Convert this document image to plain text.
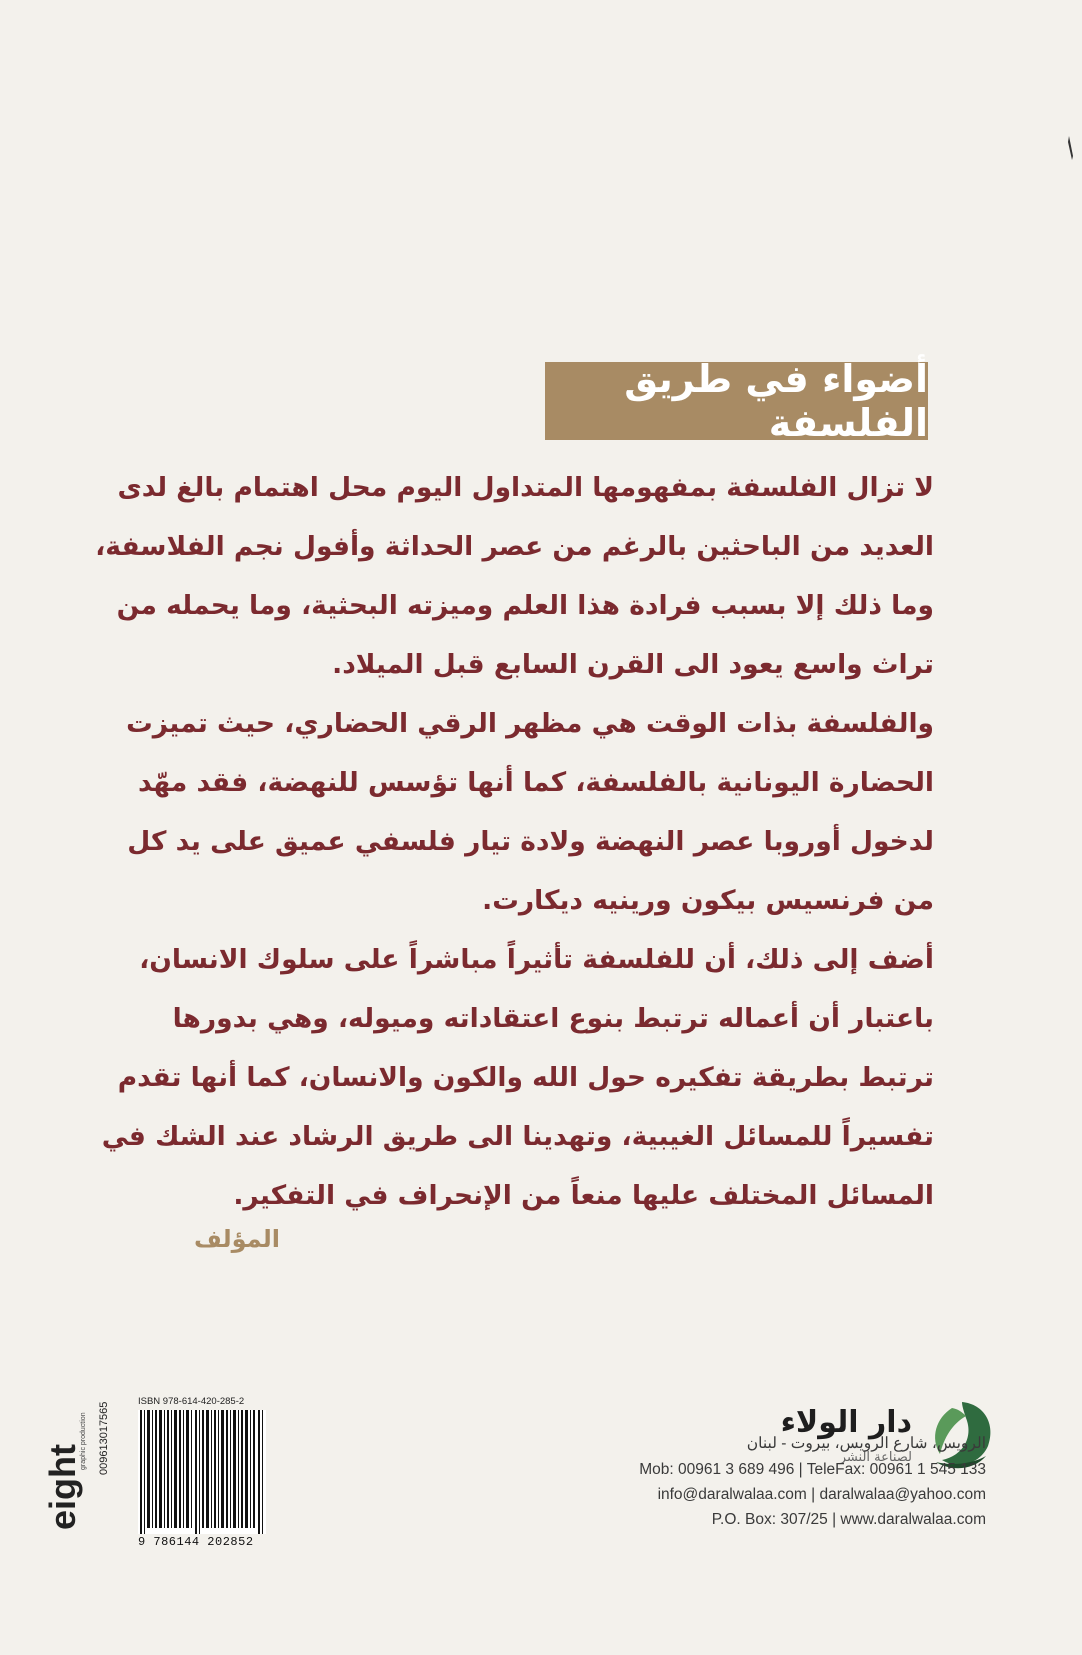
أضواء في طريق الفلسفة
لا تزال الفلسفة بمفهومها المتداول اليوم محل اهتمام بالغ لدى
العديد من الباحثين بالرغم من عصر الحداثة وأفول نجم الفلاسفة،
وما ذلك إلا بسبب فرادة هذا العلم وميزته البحثية، وما يحمله من
تراث واسع يعود الى القرن السابع قبل الميلاد.
والفلسفة بذات الوقت هي مظهر الرقي الحضاري، حيث تميزت
الحضارة اليونانية بالفلسفة، كما أنها تؤسس للنهضة، فقد مهّد
لدخول أوروبا عصر النهضة ولادة تيار فلسفي عميق على يد كل
من فرنسيس بيكون ورينيه ديكارت.
أضف إلى ذلك، أن للفلسفة تأثيراً مباشراً على سلوك الانسان،
باعتبار أن أعماله ترتبط بنوع اعتقاداته وميوله، وهي بدورها
ترتبط بطريقة تفكيره حول الله والكون والانسان، كما أنها تقدم
تفسيراً للمسائل الغيبية، وتهدينا الى طريق الرشاد عند الشك في
المسائل المختلف عليها منعاً من الإنحراف في التفكير.
المؤلف
دار الولاء
لصناعة النشر
الرويس، شارع الرويس، بيروت - لبنان
Mob: 00961 3 689 496 | TeleFax: 00961 1 545 133
info@daralwalaa.com | daralwalaa@yahoo.com
P.O. Box: 307/25 | www.daralwalaa.com
ISBN 978-614-420-285-2
9 786144 202852
009613017565
eight
graphic production
